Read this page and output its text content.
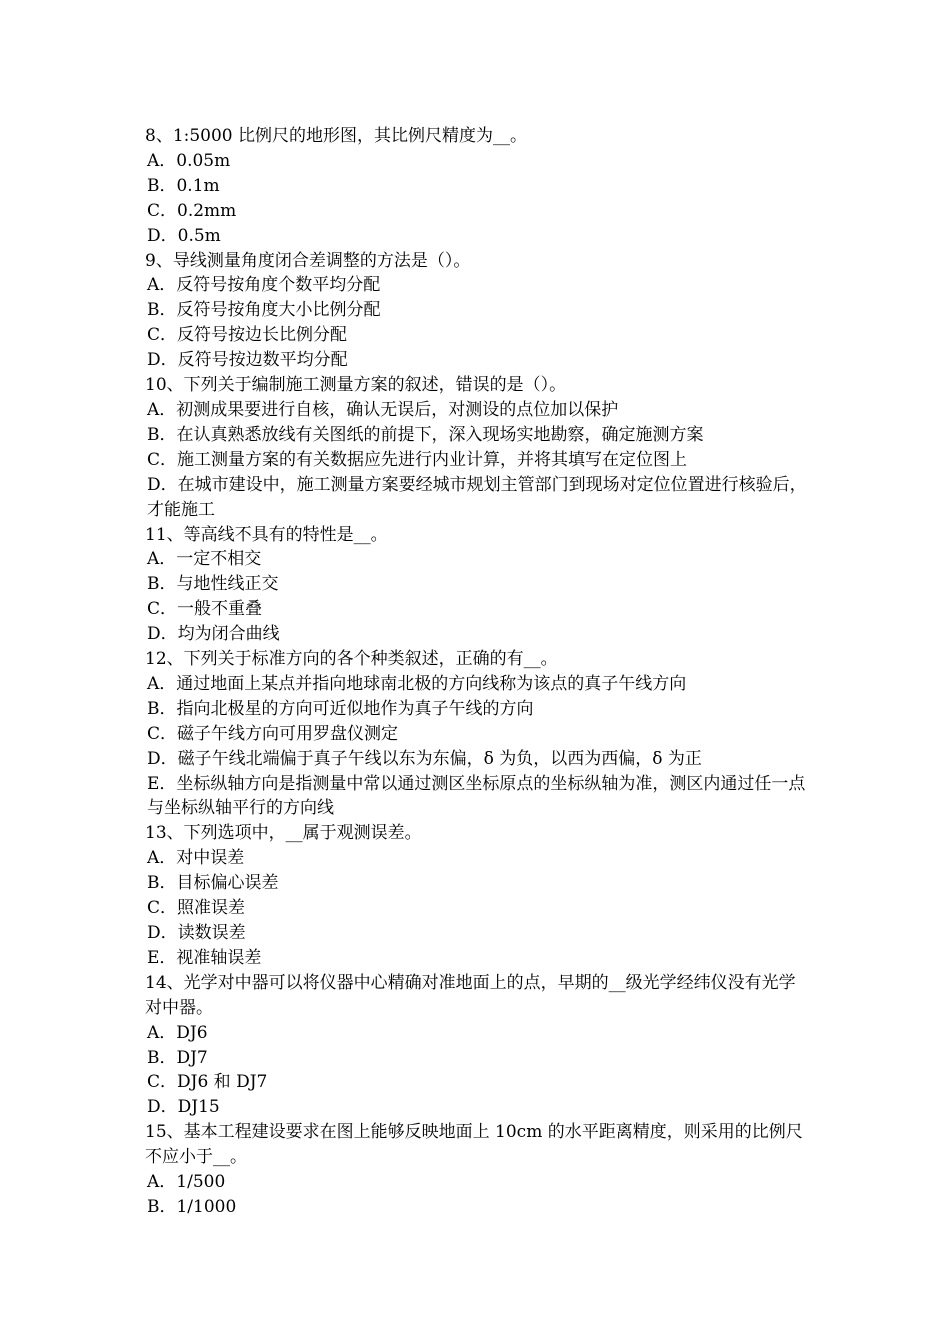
8、1:5000 比例尺的地形图，其比例尺精度为__。

A．0.05m

B．0.1m

C．0.2mm

D．0.5m

9、导线测量角度闭合差调整的方法是（）。

A．反符号按角度个数平均分配

B．反符号按角度大小比例分配

C．反符号按边长比例分配

D．反符号按边数平均分配

10、下列关于编制施工测量方案的叙述，错误的是（）。

A．初测成果要进行自核，确认无误后，对测设的点位加以保护

B．在认真熟悉放线有关图纸的前提下，深入现场实地勘察，确定施测方案

C．施工测量方案的有关数据应先进行内业计算，并将其填写在定位图上

D．在城市建设中，施工测量方案要经城市规划主管部门到现场对定位位置进行核验后，才能施工

11、等高线不具有的特性是__。

A．一定不相交

B．与地性线正交

C．一般不重叠

D．均为闭合曲线

12、下列关于标准方向的各个种类叙述，正确的有__。

A．通过地面上某点并指向地球南北极的方向线称为该点的真子午线方向

B．指向北极星的方向可近似地作为真子午线的方向

C．磁子午线方向可用罗盘仪测定

D．磁子午线北端偏于真子午线以东为东偏，δ 为负，以西为西偏，δ 为正

E．坐标纵轴方向是指测量中常以通过测区坐标原点的坐标纵轴为准，测区内通过任一点与坐标纵轴平行的方向线

13、下列选项中，__属于观测误差。

A．对中误差

B．目标偏心误差

C．照准误差

D．读数误差

E．视准轴误差

14、光学对中器可以将仪器中心精确对准地面上的点，早期的__级光学经纬仪没有光学对中器。

A．DJ6

B．DJ7

C．DJ6 和 DJ7

D．DJ15

15、基本工程建设要求在图上能够反映地面上 10cm 的水平距离精度，则采用的比例尺不应小于__。

A．1/500

B．1/1000
